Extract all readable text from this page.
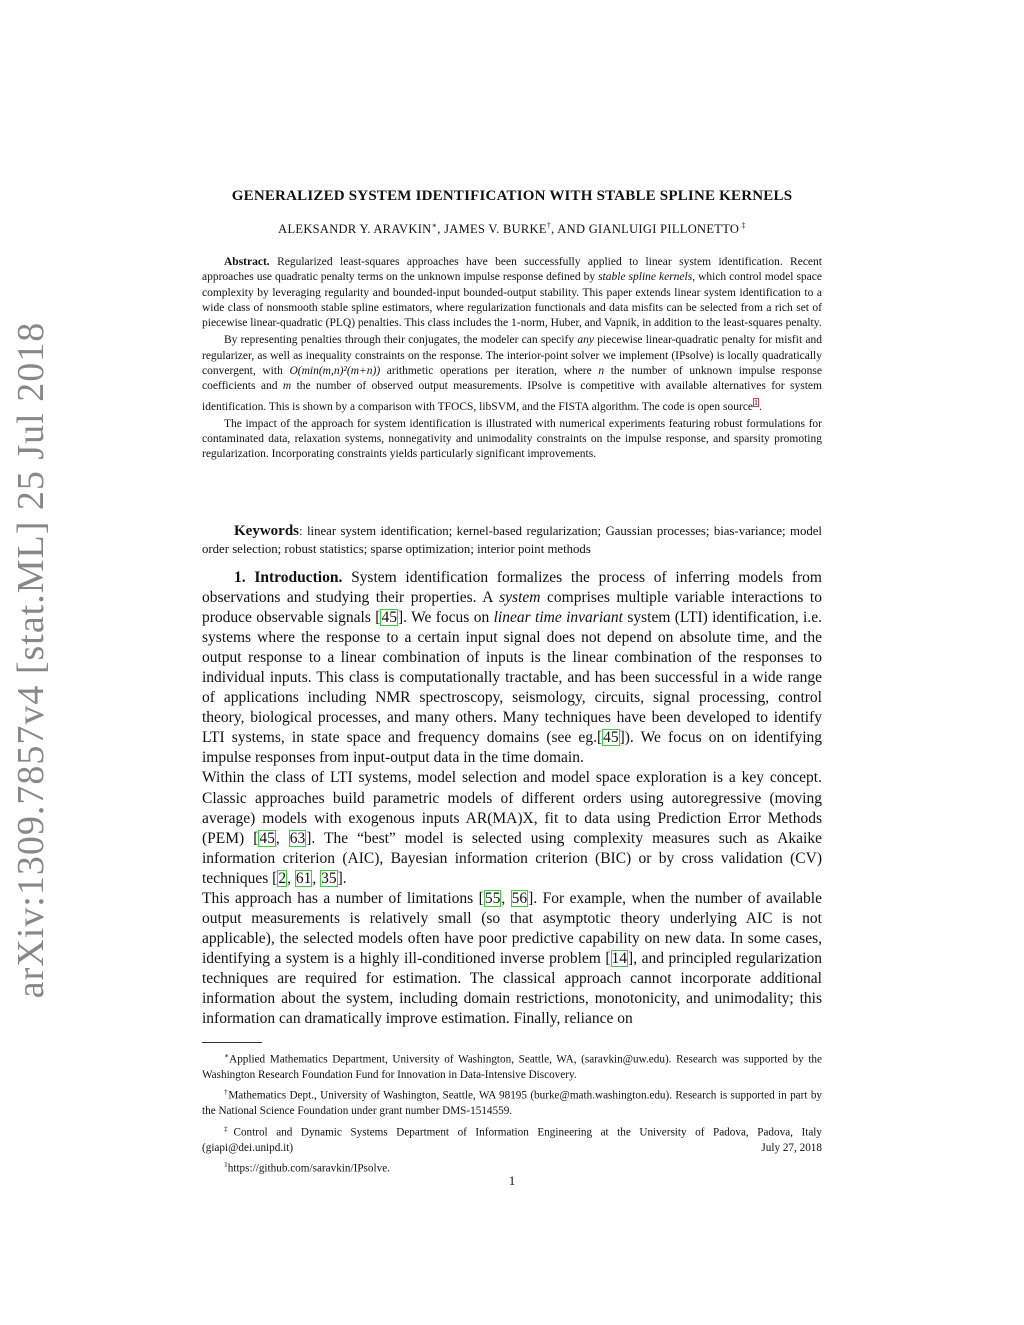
arXiv:1309.7857v4 [stat.ML] 25 Jul 2018
GENERALIZED SYSTEM IDENTIFICATION WITH STABLE SPLINE KERNELS

ALEKSANDR Y. ARAVKIN∗, JAMES V. BURKE†, AND GIANLUIGI PILLONETTO ‡

Abstract. Regularized least-squares approaches have been successfully applied to linear system identification. Recent approaches use quadratic penalty terms on the unknown impulse response defined by stable spline kernels, which control model space complexity by leveraging regularity and bounded-input bounded-output stability. This paper extends linear system identification to a wide class of nonsmooth stable spline estimators, where regularization functionals and data misfits can be selected from a rich set of piecewise linear-quadratic (PLQ) penalties. This class includes the 1-norm, Huber, and Vapnik, in addition to the least-squares penalty.

By representing penalties through their conjugates, the modeler can specify any piecewise linear-quadratic penalty for misfit and regularizer, as well as inequality constraints on the response. The interior-point solver we implement (IPsolve) is locally quadratically convergent, with O(min(m,n)²(m+n)) arithmetic operations per iteration, where n the number of unknown impulse response coefficients and m the number of observed output measurements. IPsolve is competitive with available alternatives for system identification. This is shown by a comparison with TFOCS, libSVM, and the FISTA algorithm. The code is open source$^1$.

The impact of the approach for system identification is illustrated with numerical experiments featuring robust formulations for contaminated data, relaxation systems, nonnegativity and unimodality constraints on the impulse response, and sparsity promoting regularization. Incorporating constraints yields particularly significant improvements.

Keywords: linear system identification; kernel-based regularization; Gaussian processes; bias-variance; model order selection; robust statistics; sparse optimization; interior point methods

1. Introduction. System identification formalizes the process of inferring models from observations and studying their properties. A system comprises multiple variable interactions to produce observable signals [45]. We focus on linear time invariant system (LTI) identification, i.e. systems where the response to a certain input signal does not depend on absolute time, and the output response to a linear combination of inputs is the linear combination of the responses to individual inputs. This class is computationally tractable, and has been successful in a wide range of applications including NMR spectroscopy, seismology, circuits, signal processing, control theory, biological processes, and many others. Many techniques have been developed to identify LTI systems, in state space and frequency domains (see eg.[45]). We focus on on identifying impulse responses from input-output data in the time domain.

Within the class of LTI systems, model selection and model space exploration is a key concept. Classic approaches build parametric models of different orders using autoregressive (moving average) models with exogenous inputs AR(MA)X, fit to data using Prediction Error Methods (PEM) [45, 63]. The “best” model is selected using complexity measures such as Akaike information criterion (AIC), Bayesian information criterion (BIC) or by cross validation (CV) techniques [2, 61, 35].

This approach has a number of limitations [55, 56]. For example, when the number of available output measurements is relatively small (so that asymptotic theory underlying AIC is not applicable), the selected models often have poor predictive capability on new data. In some cases, identifying a system is a highly ill-conditioned inverse problem [14], and principled regularization techniques are required for estimation. The classical approach cannot incorporate additional information about the system, including domain restrictions, monotonicity, and unimodality; this information can dramatically improve estimation. Finally, reliance on

∗Applied Mathematics Department, University of Washington, Seattle, WA, (saravkin@uw.edu). Research was supported by the Washington Research Foundation Fund for Innovation in Data-Intensive Discovery.

†Mathematics Dept., University of Washington, Seattle, WA 98195 (burke@math.washington.edu). Research is supported in part by the National Science Foundation under grant number DMS-1514559.

‡Control and Dynamic Systems Department of Information Engineering at the University of Padova, Padova, Italy (giapi@dei.unipd.it)	July 27, 2018

$^1$https://github.com/saravkin/IPsolve.

1
